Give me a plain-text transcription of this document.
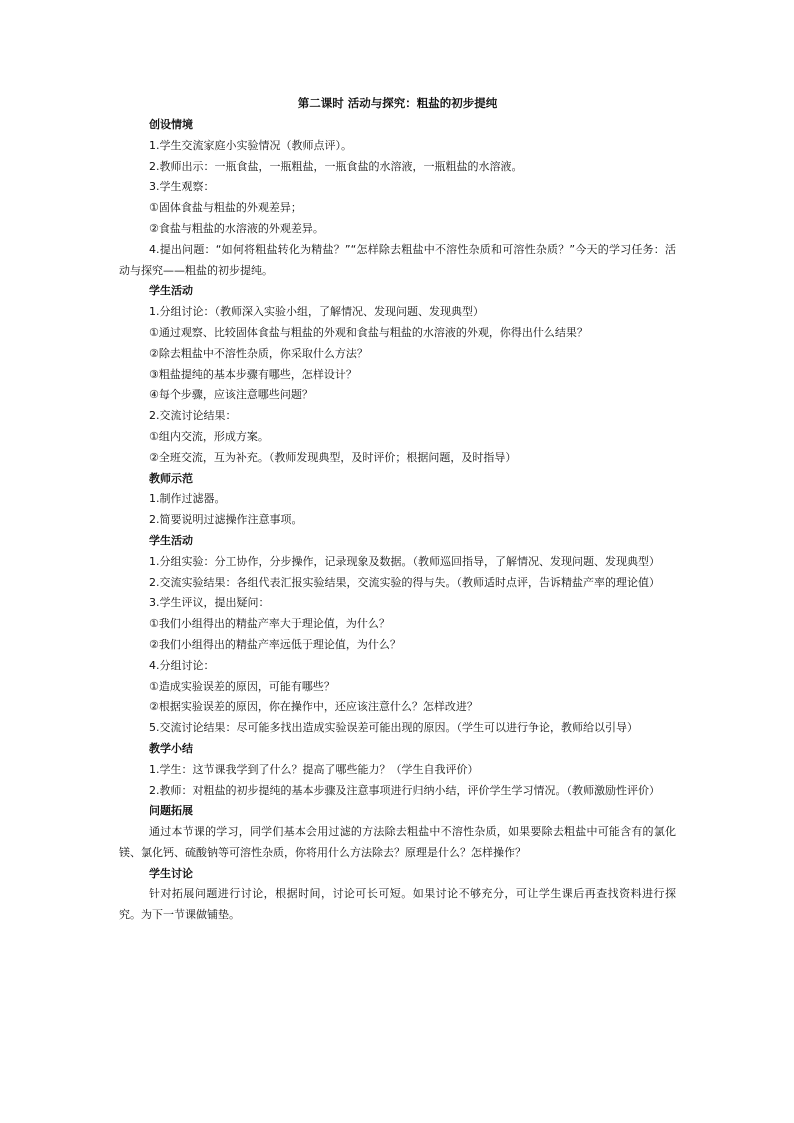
第二课时 活动与探究：粗盐的初步提纯
创设情境
1.学生交流家庭小实验情况（教师点评）。
2.教师出示：一瓶食盐，一瓶粗盐，一瓶食盐的水溶液，一瓶粗盐的水溶液。
3.学生观察：
①固体食盐与粗盐的外观差异；
②食盐与粗盐的水溶液的外观差异。
4.提出问题：“如何将粗盐转化为精盐？”“怎样除去粗盐中不溶性杂质和可溶性杂质？”今天的学习任务：活动与探究——粗盐的初步提纯。
学生活动
1.分组讨论：（教师深入实验小组，了解情况、发现问题、发现典型）
①通过观察、比较固体食盐与粗盐的外观和食盐与粗盐的水溶液的外观，你得出什么结果？
②除去粗盐中不溶性杂质，你采取什么方法？
③粗盐提纯的基本步骤有哪些，怎样设计？
④每个步骤，应该注意哪些问题？
2.交流讨论结果：
①组内交流，形成方案。
②全班交流，互为补充。（教师发现典型，及时评价；根据问题，及时指导）
教师示范
1.制作过滤器。
2.简要说明过滤操作注意事项。
学生活动
1.分组实验：分工协作，分步操作，记录现象及数据。（教师巡回指导，了解情况、发现问题、发现典型）
2.交流实验结果：各组代表汇报实验结果，交流实验的得与失。（教师适时点评，告诉精盐产率的理论值）
3.学生评议，提出疑问：
①我们小组得出的精盐产率大于理论值，为什么？
②我们小组得出的精盐产率远低于理论值，为什么？
4.分组讨论：
①造成实验误差的原因，可能有哪些？
②根据实验误差的原因，你在操作中，还应该注意什么？怎样改进？
5.交流讨论结果：尽可能多找出造成实验误差可能出现的原因。（学生可以进行争论，教师给以引导）
教学小结
1.学生：这节课我学到了什么？提高了哪些能力？（学生自我评价）
2.教师：对粗盐的初步提纯的基本步骤及注意事项进行归纳小结，评价学生学习情况。（教师激励性评价）
问题拓展
通过本节课的学习，同学们基本会用过滤的方法除去粗盐中不溶性杂质，如果要除去粗盐中可能含有的氯化镁、氯化钙、硫酸钠等可溶性杂质，你将用什么方法除去？原理是什么？怎样操作？
学生讨论
针对拓展问题进行讨论，根据时间，讨论可长可短。如果讨论不够充分，可让学生课后再查找资料进行探究。为下一节课做铺垫。
